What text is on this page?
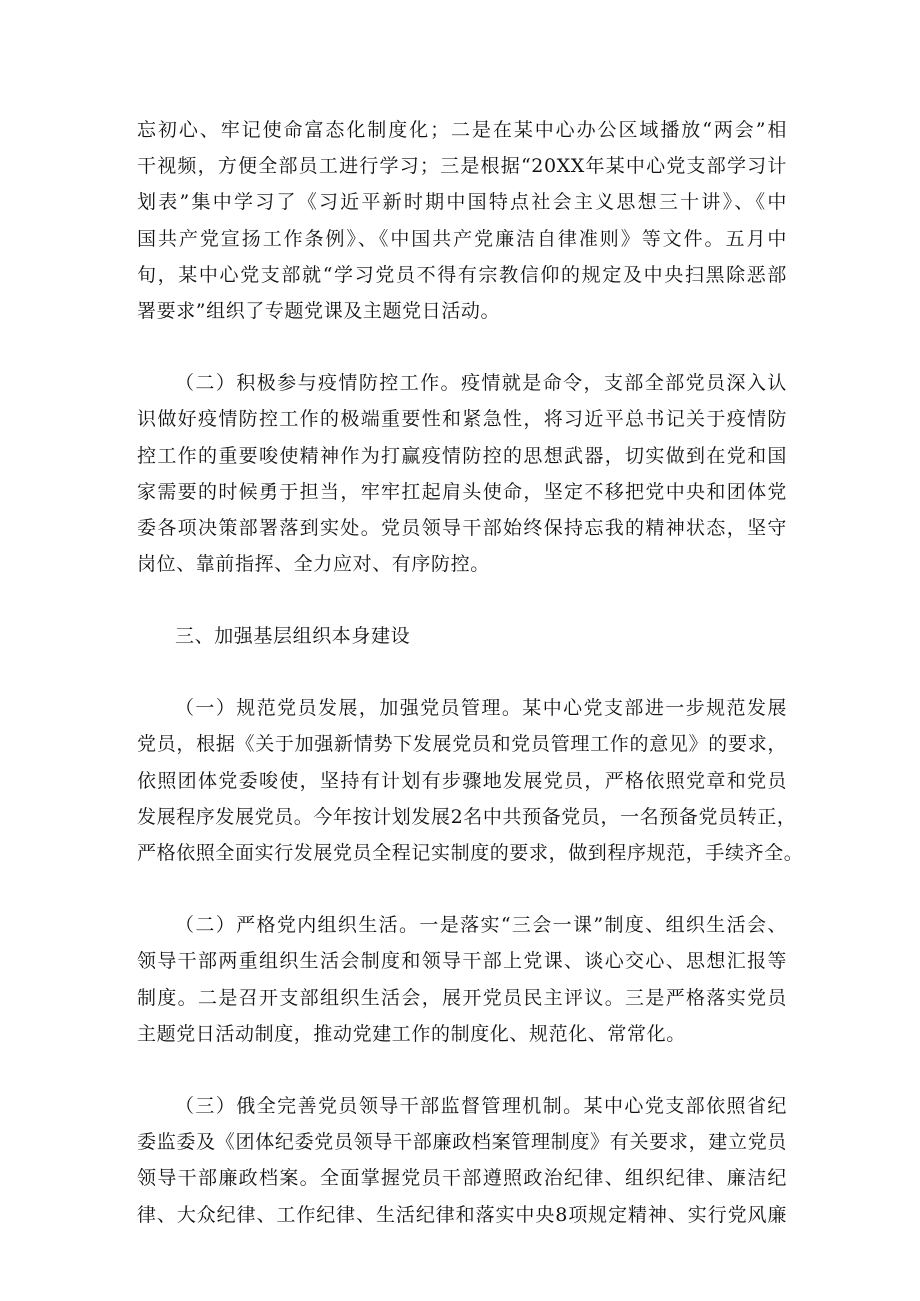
忘初心、牢记使命富态化制度化；二是在某中心办公区域播放“两会”相
干视频，方便全部员工进行学习；三是根据“20XX年某中心党支部学习计
划表”集中学习了《习近平新时期中国特点社会主义思想三十讲》、《中
国共产党宣扬工作条例》、《中国共产党廉洁自律准则》等文件。五月中
旬，某中心党支部就“学习党员不得有宗教信仰的规定及中央扫黑除恶部
署要求”组织了专题党课及主题党日活动。

（二）积极参与疫情防控工作。疫情就是命令，支部全部党员深入认
识做好疫情防控工作的极端重要性和紧急性，将习近平总书记关于疫情防
控工作的重要唆使精神作为打赢疫情防控的思想武器，切实做到在党和国
家需要的时候勇于担当，牢牢扛起肩头使命，坚定不移把党中央和团体党
委各项决策部署落到实处。党员领导干部始终保持忘我的精神状态，坚守
岗位、靠前指挥、全力应对、有序防控。

三、加强基层组织本身建设

（一）规范党员发展，加强党员管理。某中心党支部进一步规范发展
党员，根据《关于加强新情势下发展党员和党员管理工作的意见》的要求，
依照团体党委唆使，坚持有计划有步骤地发展党员，严格依照党章和党员
发展程序发展党员。今年按计划发展2名中共预备党员，一名预备党员转正，
严格依照全面实行发展党员全程记实制度的要求，做到程序规范，手续齐全。

（二）严格党内组织生活。一是落实“三会一课”制度、组织生活会、
领导干部两重组织生活会制度和领导干部上党课、谈心交心、思想汇报等
制度。二是召开支部组织生活会，展开党员民主评议。三是严格落实党员
主题党日活动制度，推动党建工作的制度化、规范化、常常化。

（三）俄全完善党员领导干部监督管理机制。某中心党支部依照省纪
委监委及《团体纪委党员领导干部廉政档案管理制度》有关要求，建立党员
领导干部廉政档案。全面掌握党员干部遵照政治纪律、组织纪律、廉洁纪
律、大众纪律、工作纪律、生活纪律和落实中央8项规定精神、实行党风廉
